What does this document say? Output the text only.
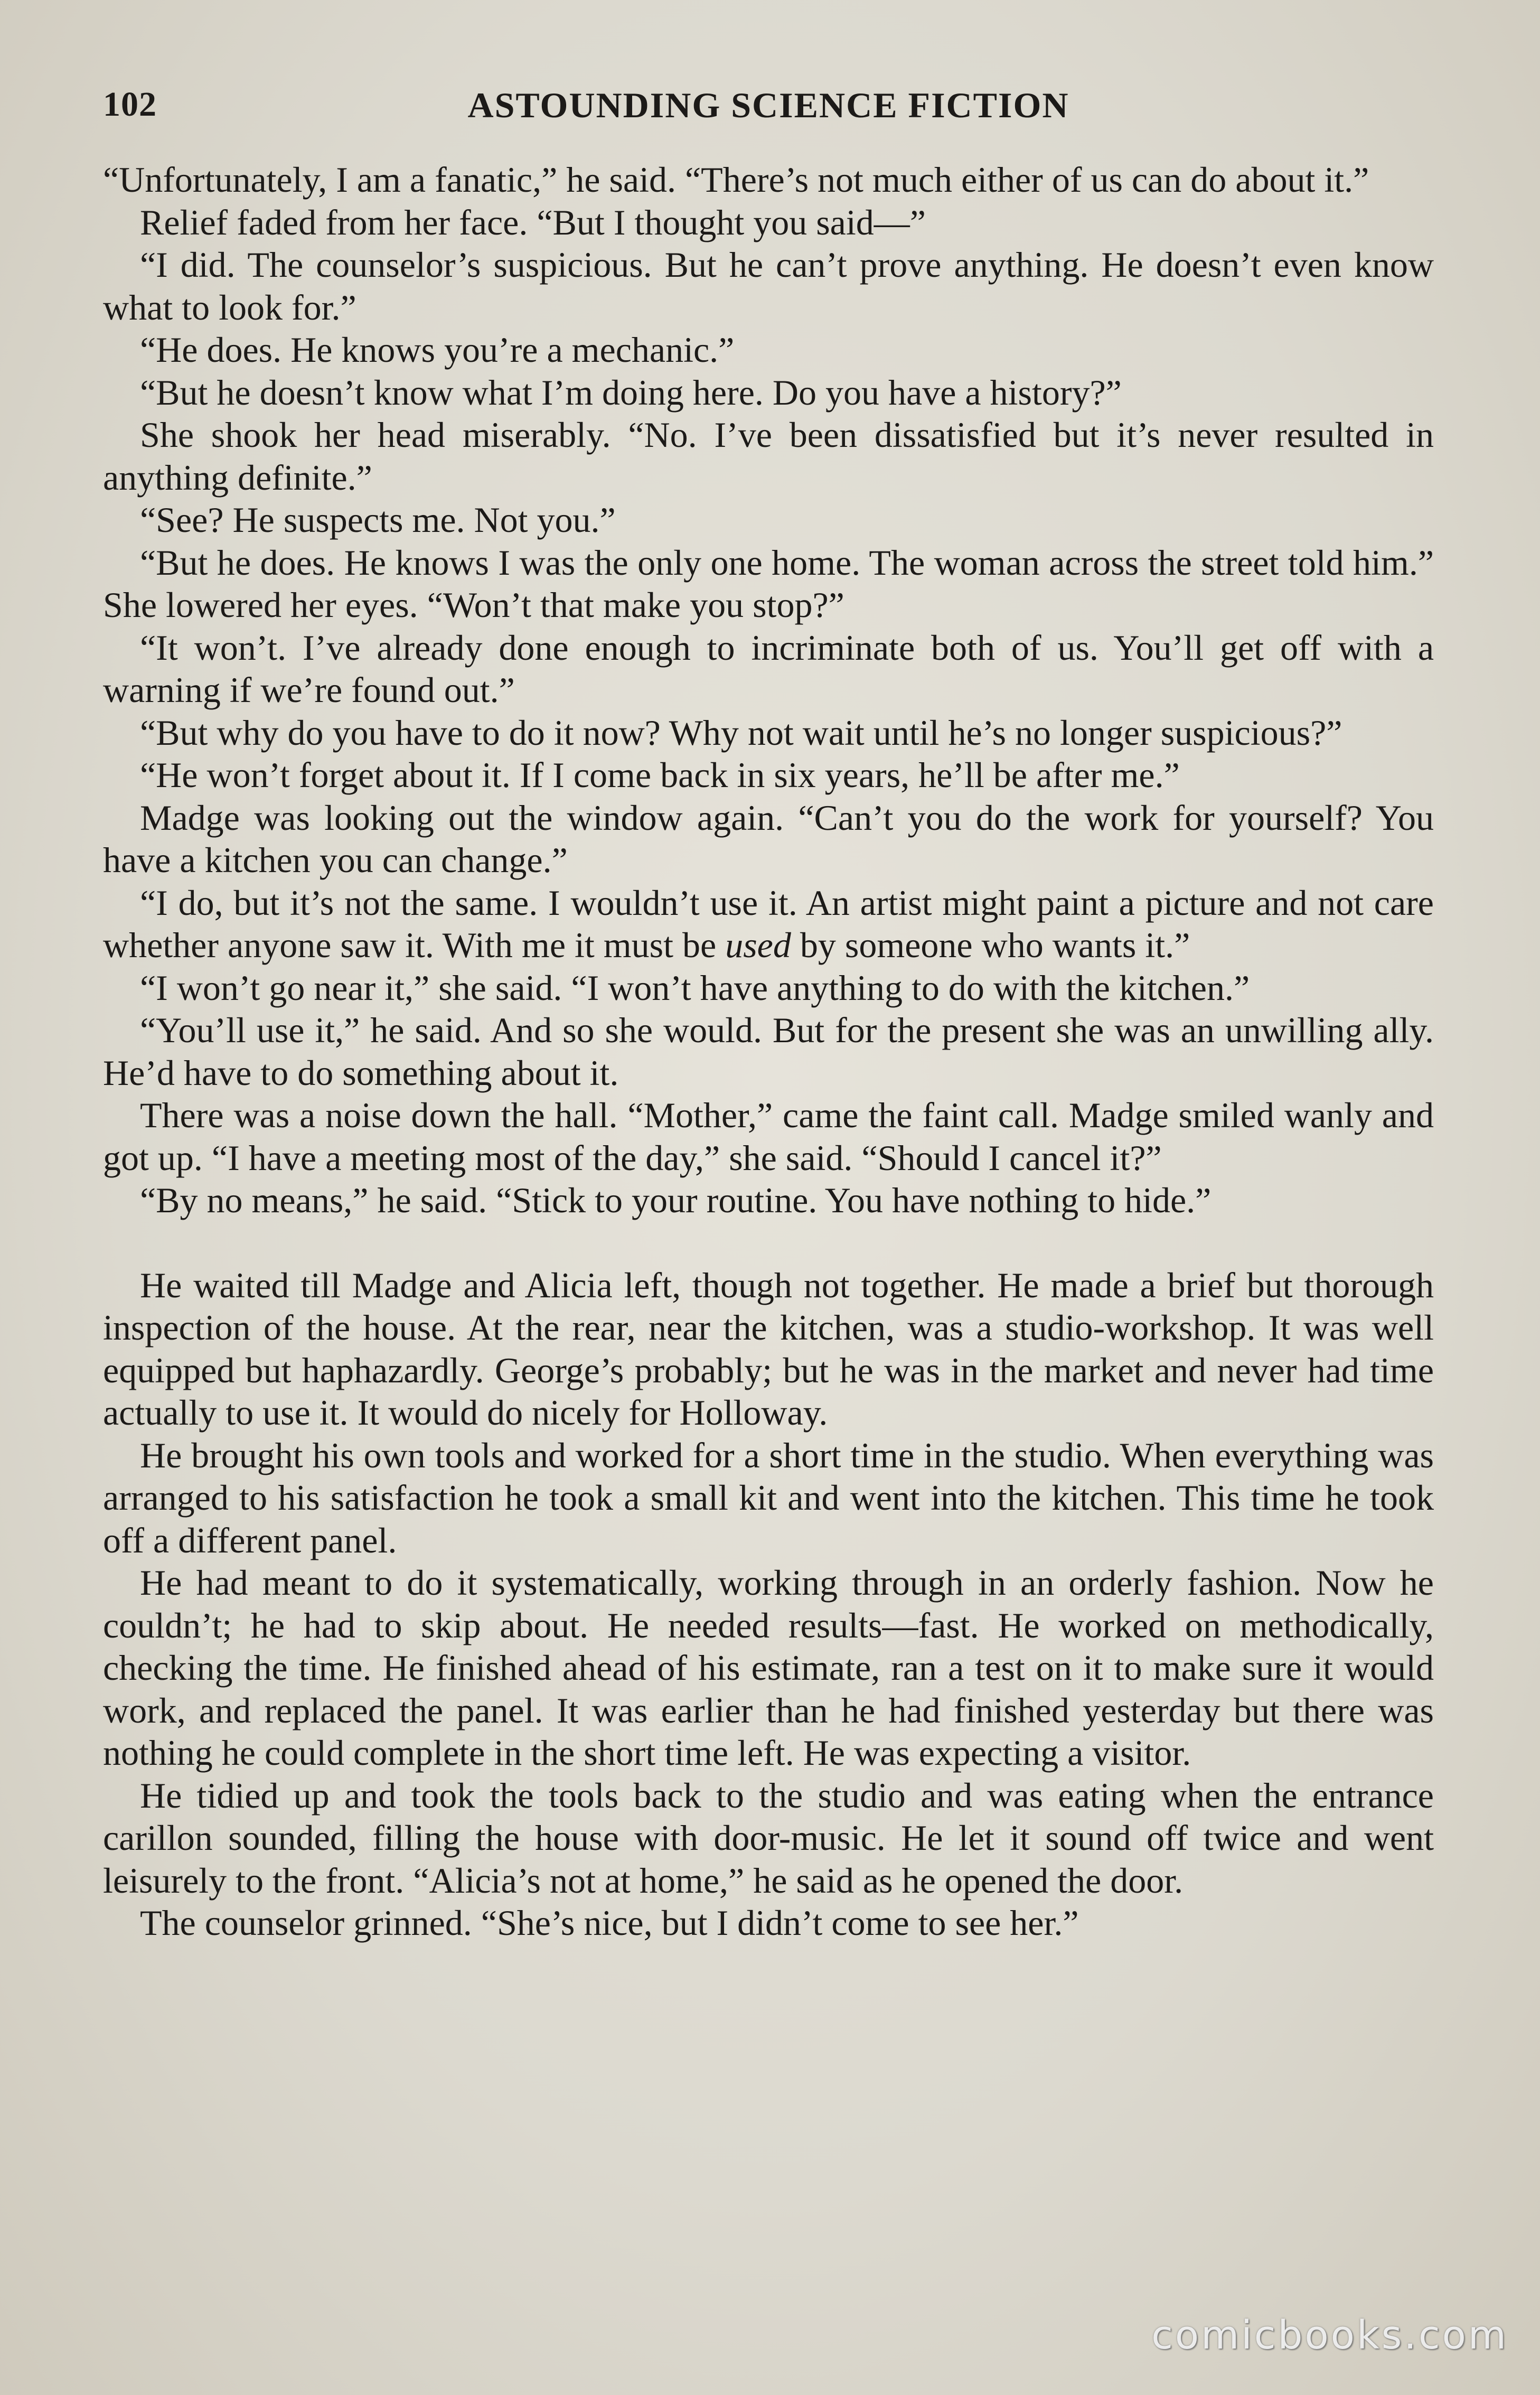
102	ASTOUNDING SCIENCE FICTION

“Unfortunately, I am a fanatic,” he said. “There’s not much either of us can do about it.”

Relief faded from her face. “But I thought you said—”

“I did. The counselor’s suspicious. But he can’t prove anything. He doesn’t even know what to look for.”

“He does. He knows you’re a mechanic.”

“But he doesn’t know what I’m doing here. Do you have a history?”

She shook her head miserably. “No. I’ve been dissatisfied but it’s never resulted in anything definite.”

“See? He suspects me. Not you.”

“But he does. He knows I was the only one home. The woman across the street told him.” She lowered her eyes. “Won’t that make you stop?”

“It won’t. I’ve already done enough to incriminate both of us. You’ll get off with a warning if we’re found out.”

“But why do you have to do it now? Why not wait until he’s no longer suspicious?”

“He won’t forget about it. If I come back in six years, he’ll be after me.”

Madge was looking out the window again. “Can’t you do the work for yourself? You have a kitchen you can change.”

“I do, but it’s not the same. I wouldn’t use it. An artist might paint a picture and not care whether anyone saw it. With me it must be used by someone who wants it.”

“I won’t go near it,” she said. “I won’t have anything to do with the kitchen.”

“You’ll use it,” he said. And so she would. But for the present she was an unwilling ally. He’d have to do something about it.

There was a noise down the hall. “Mother,” came the faint call. Madge smiled wanly and got up. “I have a meeting most of the day,” she said. “Should I cancel it?”

“By no means,” he said. “Stick to your routine. You have nothing to hide.”

He waited till Madge and Alicia left, though not together. He made a brief but thorough inspection of the house. At the rear, near the kitchen, was a studio-workshop. It was well equipped but haphazardly. George’s probably; but he was in the market and never had time actually to use it. It would do nicely for Holloway.

He brought his own tools and worked for a short time in the studio. When everything was arranged to his satisfaction he took a small kit and went into the kitchen. This time he took off a different panel.

He had meant to do it systematically, working through in an orderly fashion. Now he couldn’t; he had to skip about. He needed results—fast. He worked on methodically, checking the time. He finished ahead of his estimate, ran a test on it to make sure it would work, and replaced the panel. It was earlier than he had finished yesterday but there was nothing he could complete in the short time left. He was expecting a visitor.

He tidied up and took the tools back to the studio and was eating when the entrance carillon sounded, filling the house with door-music. He let it sound off twice and went leisurely to the front. “Alicia’s not at home,” he said as he opened the door.

The counselor grinned. “She’s nice, but I didn’t come to see her.”

comicbooks.com
